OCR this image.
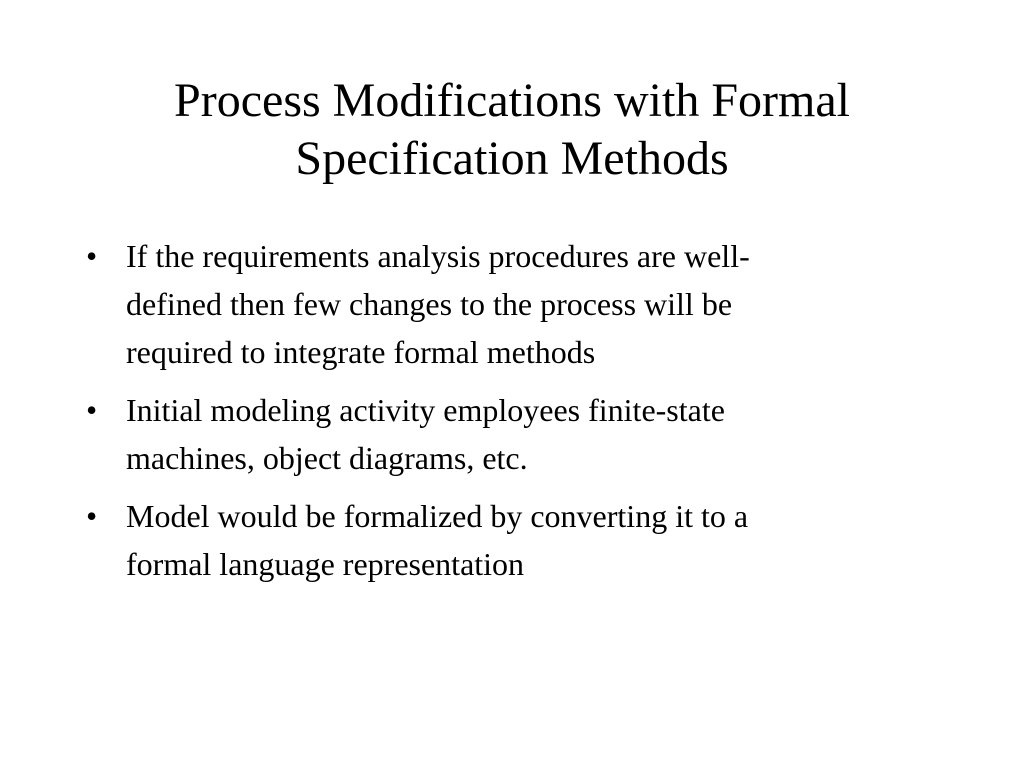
Process Modifications with Formal
Specification Methods
• If the requirements analysis procedures are well-
defined then few changes to the process will be
required to integrate formal methods
• Initial modeling activity employees finite-state
machines, object diagrams, etc.
• Model would be formalized by converting it to a
formal language representation
